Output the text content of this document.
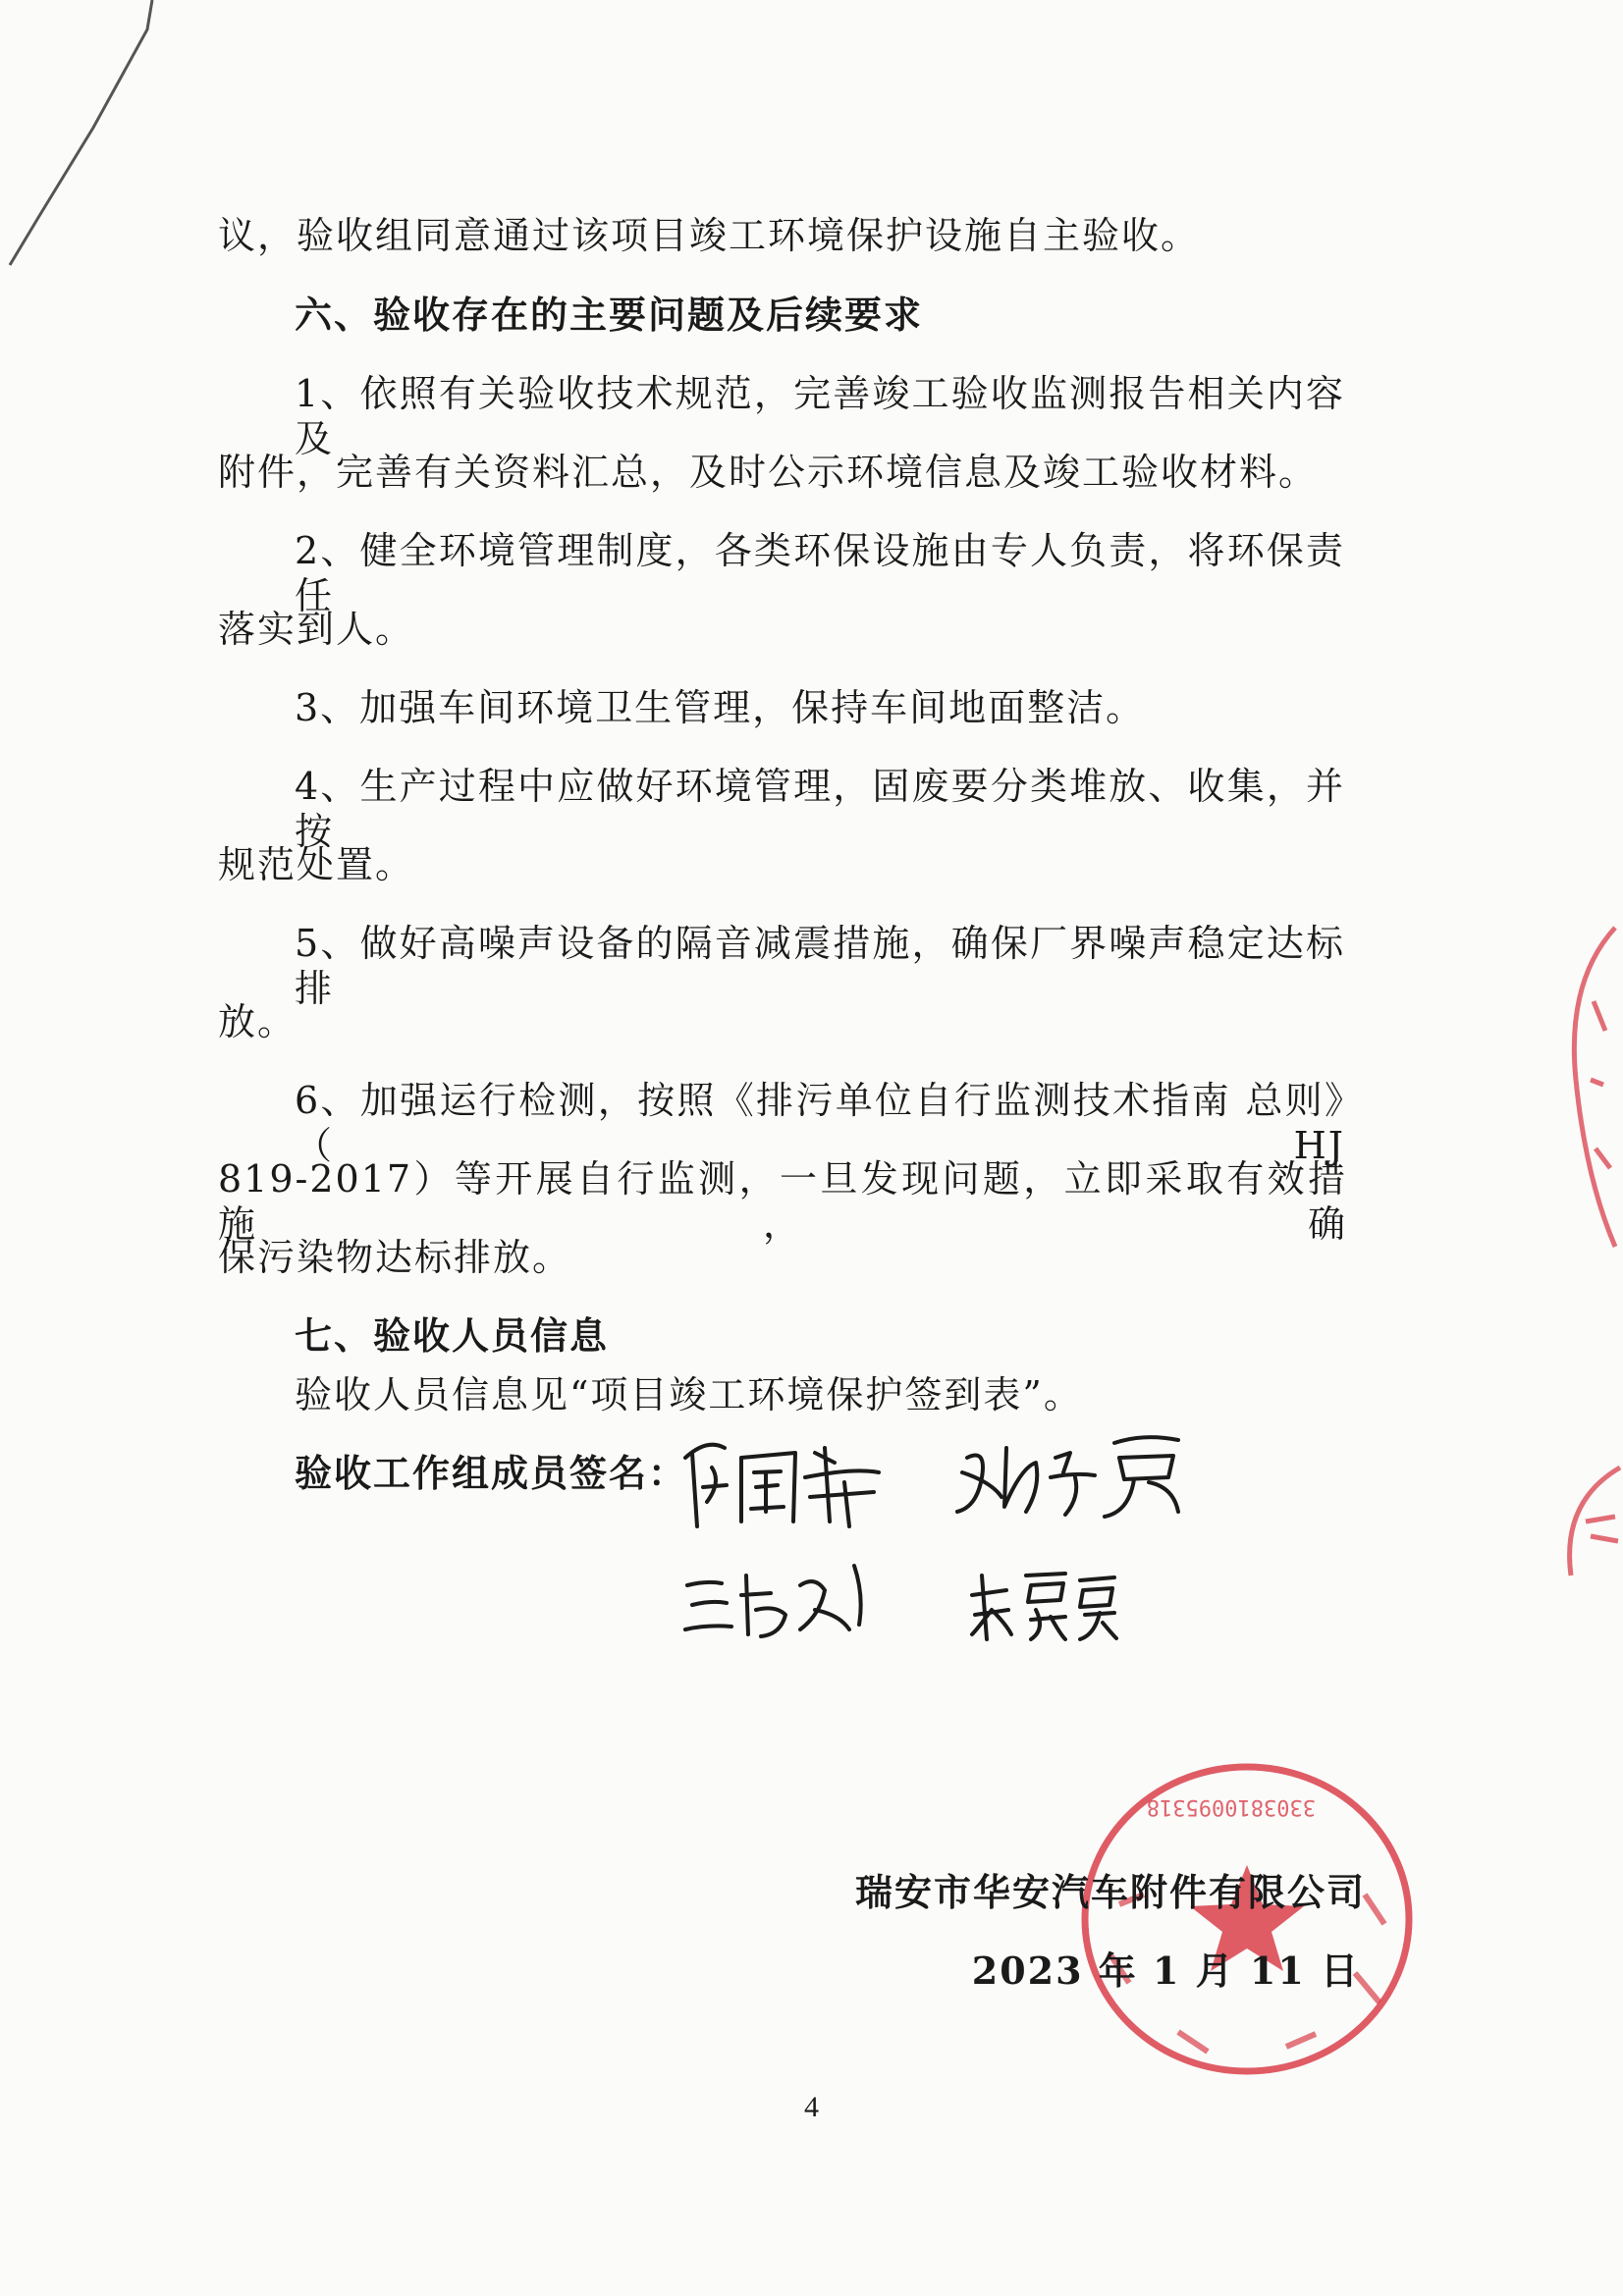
议，验收组同意通过该项目竣工环境保护设施自主验收。
六、验收存在的主要问题及后续要求
1、依照有关验收技术规范，完善竣工验收监测报告相关内容及
附件，完善有关资料汇总，及时公示环境信息及竣工验收材料。
2、健全环境管理制度，各类环保设施由专人负责，将环保责任
落实到人。
3、加强车间环境卫生管理，保持车间地面整洁。
4、生产过程中应做好环境管理，固废要分类堆放、收集，并按
规范处置。
5、做好高噪声设备的隔音减震措施，确保厂界噪声稳定达标排
放。
6、加强运行检测，按照《排污单位自行监测技术指南 总则》（HJ
819-2017）等开展自行监测，一旦发现问题，立即采取有效措施，确
保污染物达标排放。
七、验收人员信息
验收人员信息见“项目竣工环境保护签到表”。
验收工作组成员签名：
3303810095318
瑞安市华安汽车附件有限公司
2023 年 1 月 11 日
4
